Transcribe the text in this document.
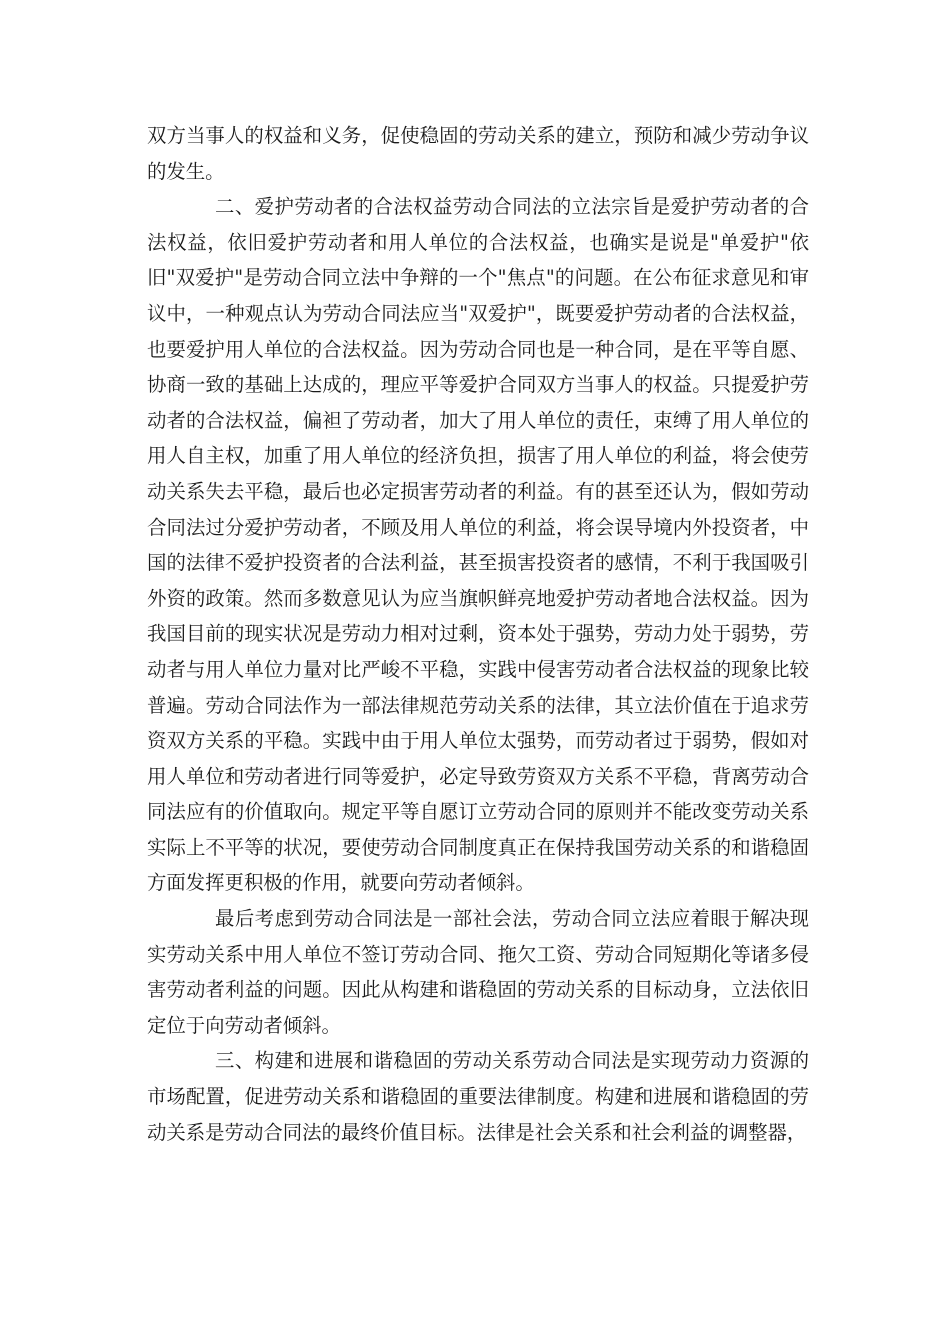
双方当事人的权益和义务，促使稳固的劳动关系的建立，预防和减少劳动争议的发生。

二、爱护劳动者的合法权益劳动合同法的立法宗旨是爱护劳动者的合法权益，依旧爱护劳动者和用人单位的合法权益，也确实是说是"单爱护"依旧"双爱护"是劳动合同立法中争辩的一个"焦点"的问题。在公布征求意见和审议中，一种观点认为劳动合同法应当"双爱护"，既要爱护劳动者的合法权益，也要爱护用人单位的合法权益。因为劳动合同也是一种合同，是在平等自愿、协商一致的基础上达成的，理应平等爱护合同双方当事人的权益。只提爱护劳动者的合法权益，偏袒了劳动者，加大了用人单位的责任，束缚了用人单位的用人自主权，加重了用人单位的经济负担，损害了用人单位的利益，将会使劳动关系失去平稳，最后也必定损害劳动者的利益。有的甚至还认为，假如劳动合同法过分爱护劳动者，不顾及用人单位的利益，将会误导境内外投资者，中国的法律不爱护投资者的合法利益，甚至损害投资者的感情，不利于我国吸引外资的政策。然而多数意见认为应当旗帜鲜亮地爱护劳动者地合法权益。因为我国目前的现实状况是劳动力相对过剩，资本处于强势，劳动力处于弱势，劳动者与用人单位力量对比严峻不平稳，实践中侵害劳动者合法权益的现象比较普遍。劳动合同法作为一部法律规范劳动关系的法律，其立法价值在于追求劳资双方关系的平稳。实践中由于用人单位太强势，而劳动者过于弱势，假如对用人单位和劳动者进行同等爱护，必定导致劳资双方关系不平稳，背离劳动合同法应有的价值取向。规定平等自愿订立劳动合同的原则并不能改变劳动关系实际上不平等的状况，要使劳动合同制度真正在保持我国劳动关系的和谐稳固方面发挥更积极的作用，就要向劳动者倾斜。

最后考虑到劳动合同法是一部社会法，劳动合同立法应着眼于解决现实劳动关系中用人单位不签订劳动合同、拖欠工资、劳动合同短期化等诸多侵害劳动者利益的问题。因此从构建和谐稳固的劳动关系的目标动身，立法依旧定位于向劳动者倾斜。

三、构建和进展和谐稳固的劳动关系劳动合同法是实现劳动力资源的市场配置，促进劳动关系和谐稳固的重要法律制度。构建和进展和谐稳固的劳动关系是劳动合同法的最终价值目标。法律是社会关系和社会利益的调整器，
